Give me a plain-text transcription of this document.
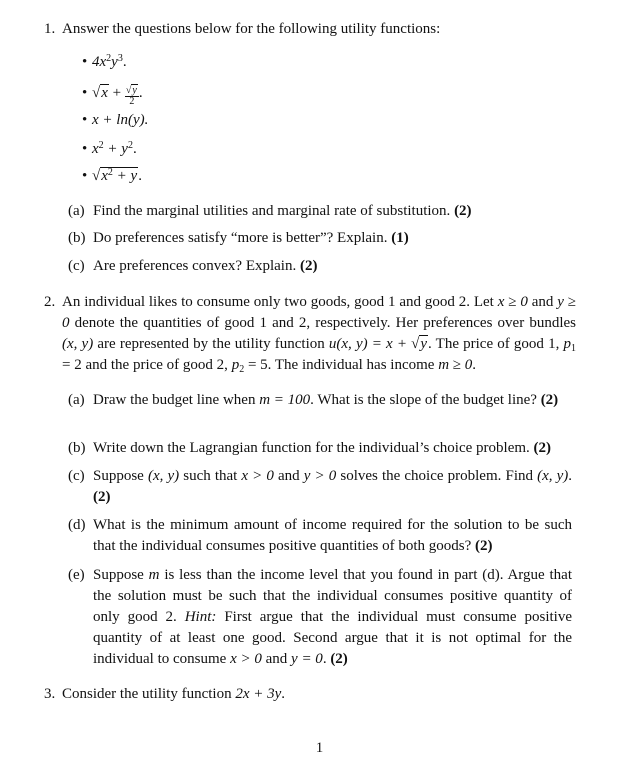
1. Answer the questions below for the following utility functions:
• $4x^2y^3$.
• $√x + \frac{√y}{2}$ .
• x + ln(y).
• $x^2 + y^2$.
• $√x^2 + y$.
(a) Find the marginal utilities and marginal rate of substitution. (2)
(b) Do preferences satisfy “more is better”? Explain. (1)
(c) Are preferences convex? Explain. (2)
2. An individual likes to consume only two goods, good 1 and good 2. Let x ≥ 0 and y ≥ 0 denote the quantities of good 1 and 2, respectively. Her preferences over bundles (x, y) are represented by the utility function u(x, y) = x + √y. The price of good 1, $p_1 = 2$ and the price of good 2, $p_2 = 5$. The individual has income m ≥ 0.
(a) Draw the budget line when m = 100. What is the slope of the budget line? (2)
(b) Write down the Lagrangian function for the individual’s choice problem. (2)
(c) Suppose (x, y) such that x > 0 and y > 0 solves the choice problem. Find (x, y). (2)
(d) What is the minimum amount of income required for the solution to be such that the individual consumes positive quantities of both goods? (2)
(e) Suppose m is less than the income level that you found in part (d). Argue that the solution must be such that the individual consumes positive quantity of only good 2. Hint: First argue that the individual must consume positive quantity of at least one good. Second argue that it is not optimal for the individual to consume x > 0 and y = 0. (2)
3. Consider the utility function 2x + 3y.
1
